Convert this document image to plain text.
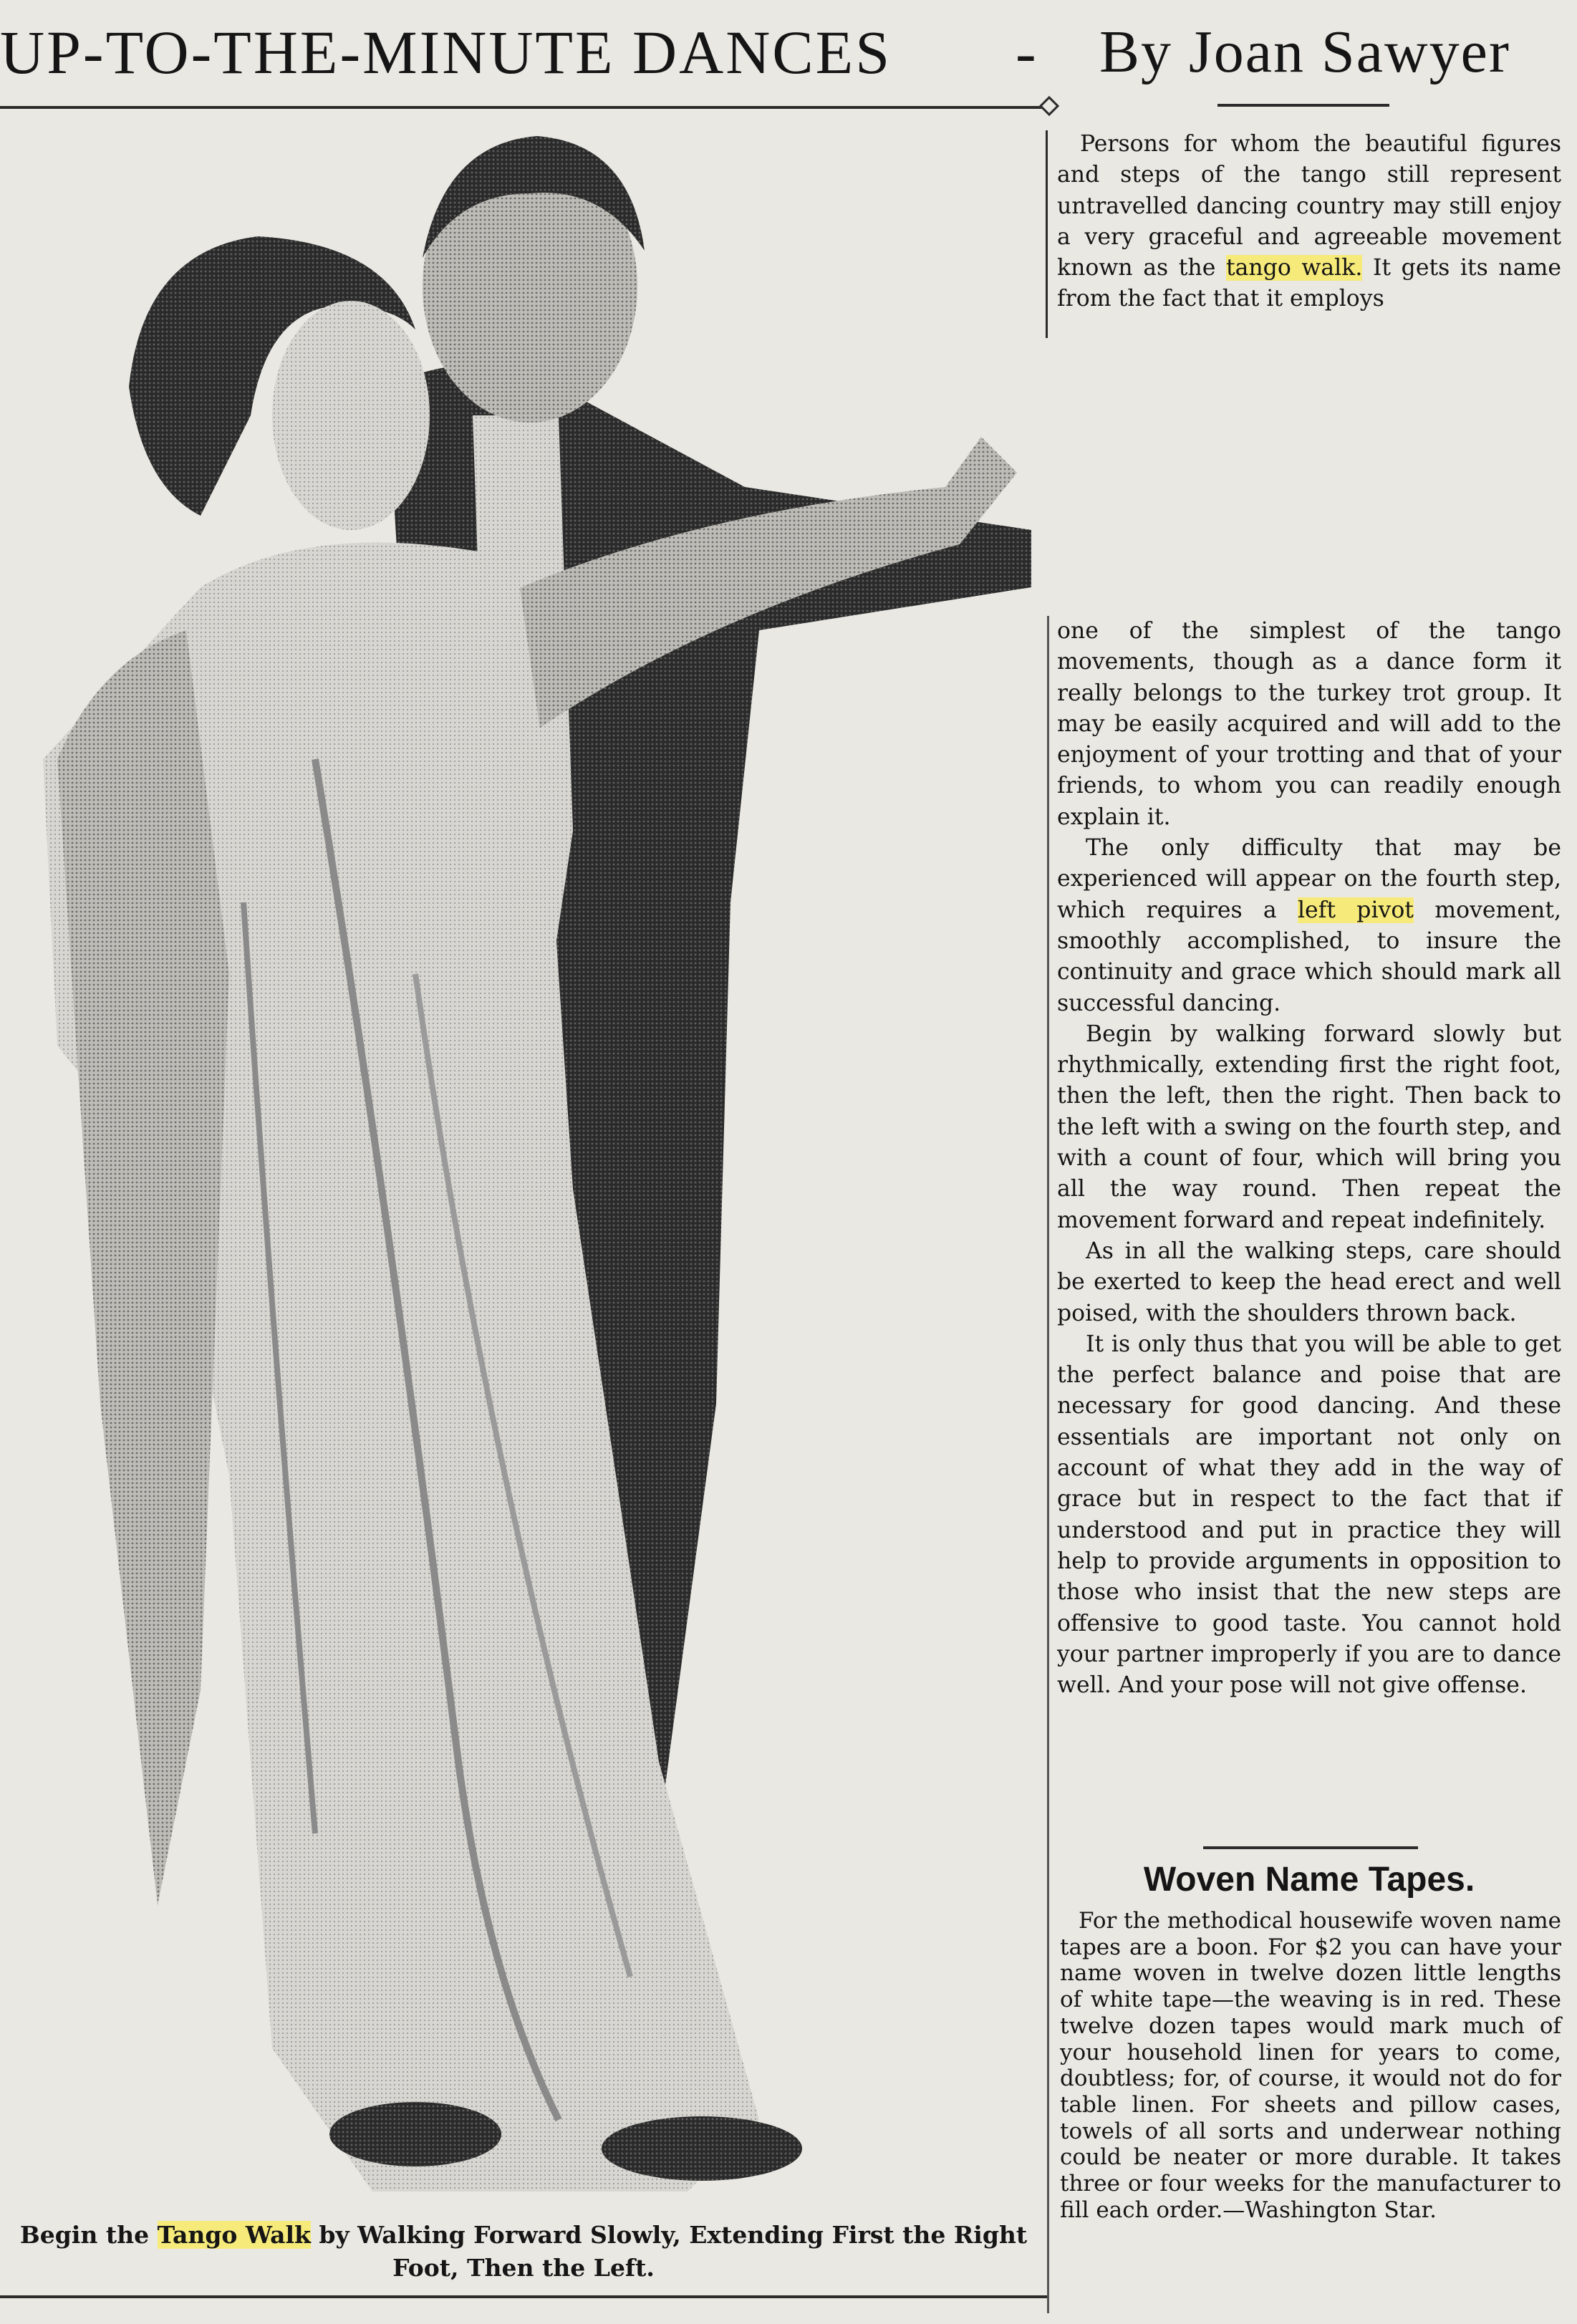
UP-TO-THE-MINUTE DANCES	- By Joan Sawyer
Begin the Tango Walk by Walking Forward Slowly, Extending First the Right Foot, Then the Left.

Persons for whom the beautiful figures and steps of the tango still represent untravelled dancing country may still enjoy a very graceful and agreeable movement known as the tango walk. It gets its name from the fact that it employs

one of the simplest of the tango movements, though as a dance form it really belongs to the turkey trot group. It may be easily acquired and will add to the enjoyment of your trotting and that of your friends, to whom you can readily enough explain it.

The only difficulty that may be experienced will appear on the fourth step, which requires a left pivot movement, smoothly accomplished, to insure the continuity and grace which should mark all successful dancing.

Begin by walking forward slowly but rhythmically, extending first the right foot, then the left, then the right. Then back to the left with a swing on the fourth step, and with a count of four, which will bring you all the way round. Then repeat the movement forward and repeat indefinitely.

As in all the walking steps, care should be exerted to keep the head erect and well poised, with the shoulders thrown back.

It is only thus that you will be able to get the perfect balance and poise that are necessary for good dancing. And these essentials are important not only on account of what they add in the way of grace but in respect to the fact that if understood and put in practice they will help to provide arguments in opposition to those who insist that the new steps are offensive to good taste. You cannot hold your partner improperly if you are to dance well. And your pose will not give offense.

Woven Name Tapes.

For the methodical housewife woven name tapes are a boon. For $2 you can have your name woven in twelve dozen little lengths of white tape—the weaving is in red. These twelve dozen tapes would mark much of your household linen for years to come, doubtless; for, of course, it would not do for table linen. For sheets and pillow cases, towels of all sorts and underwear nothing could be neater or more durable. It takes three or four weeks for the manufacturer to fill each order.—Washington Star.
